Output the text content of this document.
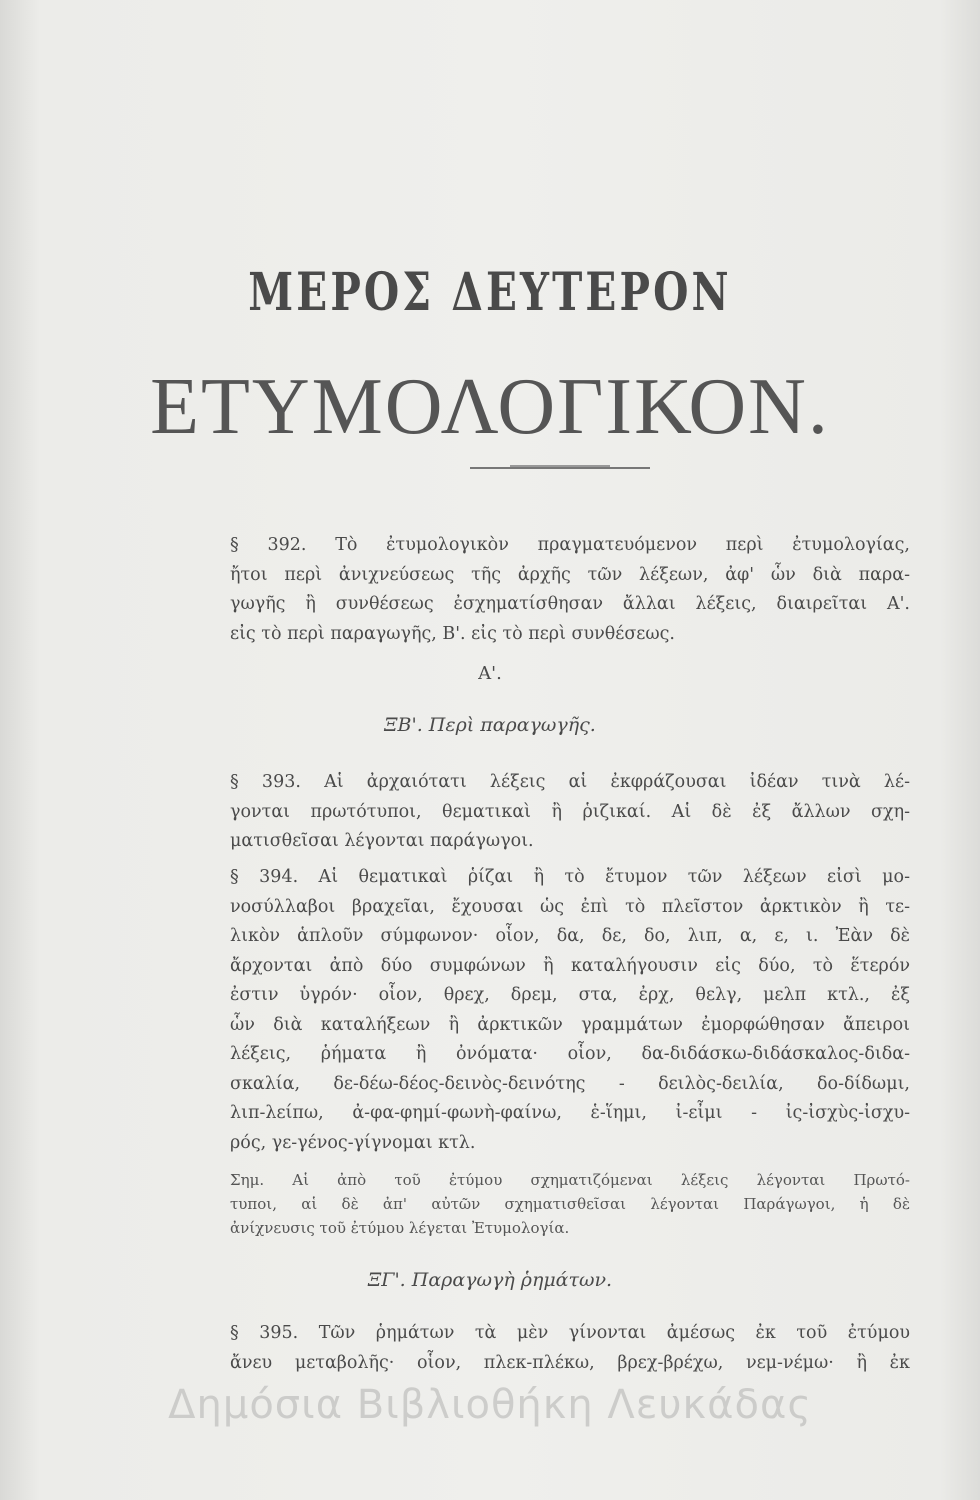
ΜΕΡΟΣ ΔΕΥΤΕΡΟΝ
ΕΤΥΜΟΛΟΓΙΚΟΝ.

§ 392. Τὸ ἐτυμολογικὸν πραγματευόμενον περὶ ἐτυμολογίας,
ἤτοι περὶ ἀνιχνεύσεως τῆς ἀρχῆς τῶν λέξεων, ἀφ' ὧν διὰ παρα-
γωγῆς ἢ συνθέσεως ἐσχηματίσθησαν ἄλλαι λέξεις, διαιρεῖται Α'.
εἰς τὸ περὶ παραγωγῆς, Β'. εἰς τὸ περὶ συνθέσεως.

Α'.
ΞΒ'. Περὶ παραγωγῆς.

§ 393. Αἱ ἀρχαιότατι λέξεις αἱ ἐκφράζουσαι ἰδέαν τινὰ λέ-
γονται πρωτότυποι, θεματικαὶ ἢ ῥιζικαί. Αἱ δὲ ἐξ ἄλλων σχη-
ματισθεῖσαι λέγονται παράγωγοι.

§ 394. Αἱ θεματικαὶ ῥίζαι ἢ τὸ ἔτυμον τῶν λέξεων εἰσὶ μο-
νοσύλλαβοι βραχεῖαι, ἔχουσαι ὡς ἐπὶ τὸ πλεῖστον ἀρκτικὸν ἢ τε-
λικὸν ἁπλοῦν σύμφωνον· οἷον, δα, δε, δο, λιπ, α, ε, ι. Ἐὰν δὲ
ἄρχονται ἀπὸ δύο συμφώνων ἢ καταλήγουσιν εἰς δύο, τὸ ἕτερόν
ἐστιν ὑγρόν· οἷον, θρεχ, δρεμ, στα, ἐρχ, θελγ, μελπ κτλ., ἐξ
ὧν διὰ καταλήξεων ἢ ἀρκτικῶν γραμμάτων ἐμορφώθησαν ἄπειροι
λέξεις, ῥήματα ἢ ὀνόματα· οἷον, δα-διδάσκω-διδάσκαλος-διδα-
σκαλία, δε-δέω-δέος-δεινὸς-δεινότης - δειλὸς-δειλία, δο-δίδωμι,
λιπ-λείπω, ἀ-φα-φημί-φωνὴ-φαίνω, ἑ-ἵημι, ἰ-εἶμι - ἰς-ἰσχὺς-ἰσχυ-
ρός, γε-γένος-γίγνομαι κτλ.

Σημ. Αἱ ἀπὸ τοῦ ἐτύμου σχηματιζόμεναι λέξεις λέγονται Πρωτό-
τυποι, αἱ δὲ ἀπ' αὐτῶν σχηματισθεῖσαι λέγονται Παράγωγοι, ἡ δὲ
ἀνίχνευσις τοῦ ἐτύμου λέγεται Ἐτυμολογία.

ΞΓ'. Παραγωγὴ ῥημάτων.

§ 395. Τῶν ῥημάτων τὰ μὲν γίνονται ἀμέσως ἐκ τοῦ ἐτύμου
ἄνευ μεταβολῆς· οἷον, πλεκ-πλέκω, βρεχ-βρέχω, νεμ-νέμω· ἢ ἐκ

Δημόσια Βιβλιοθήκη Λευκάδας
